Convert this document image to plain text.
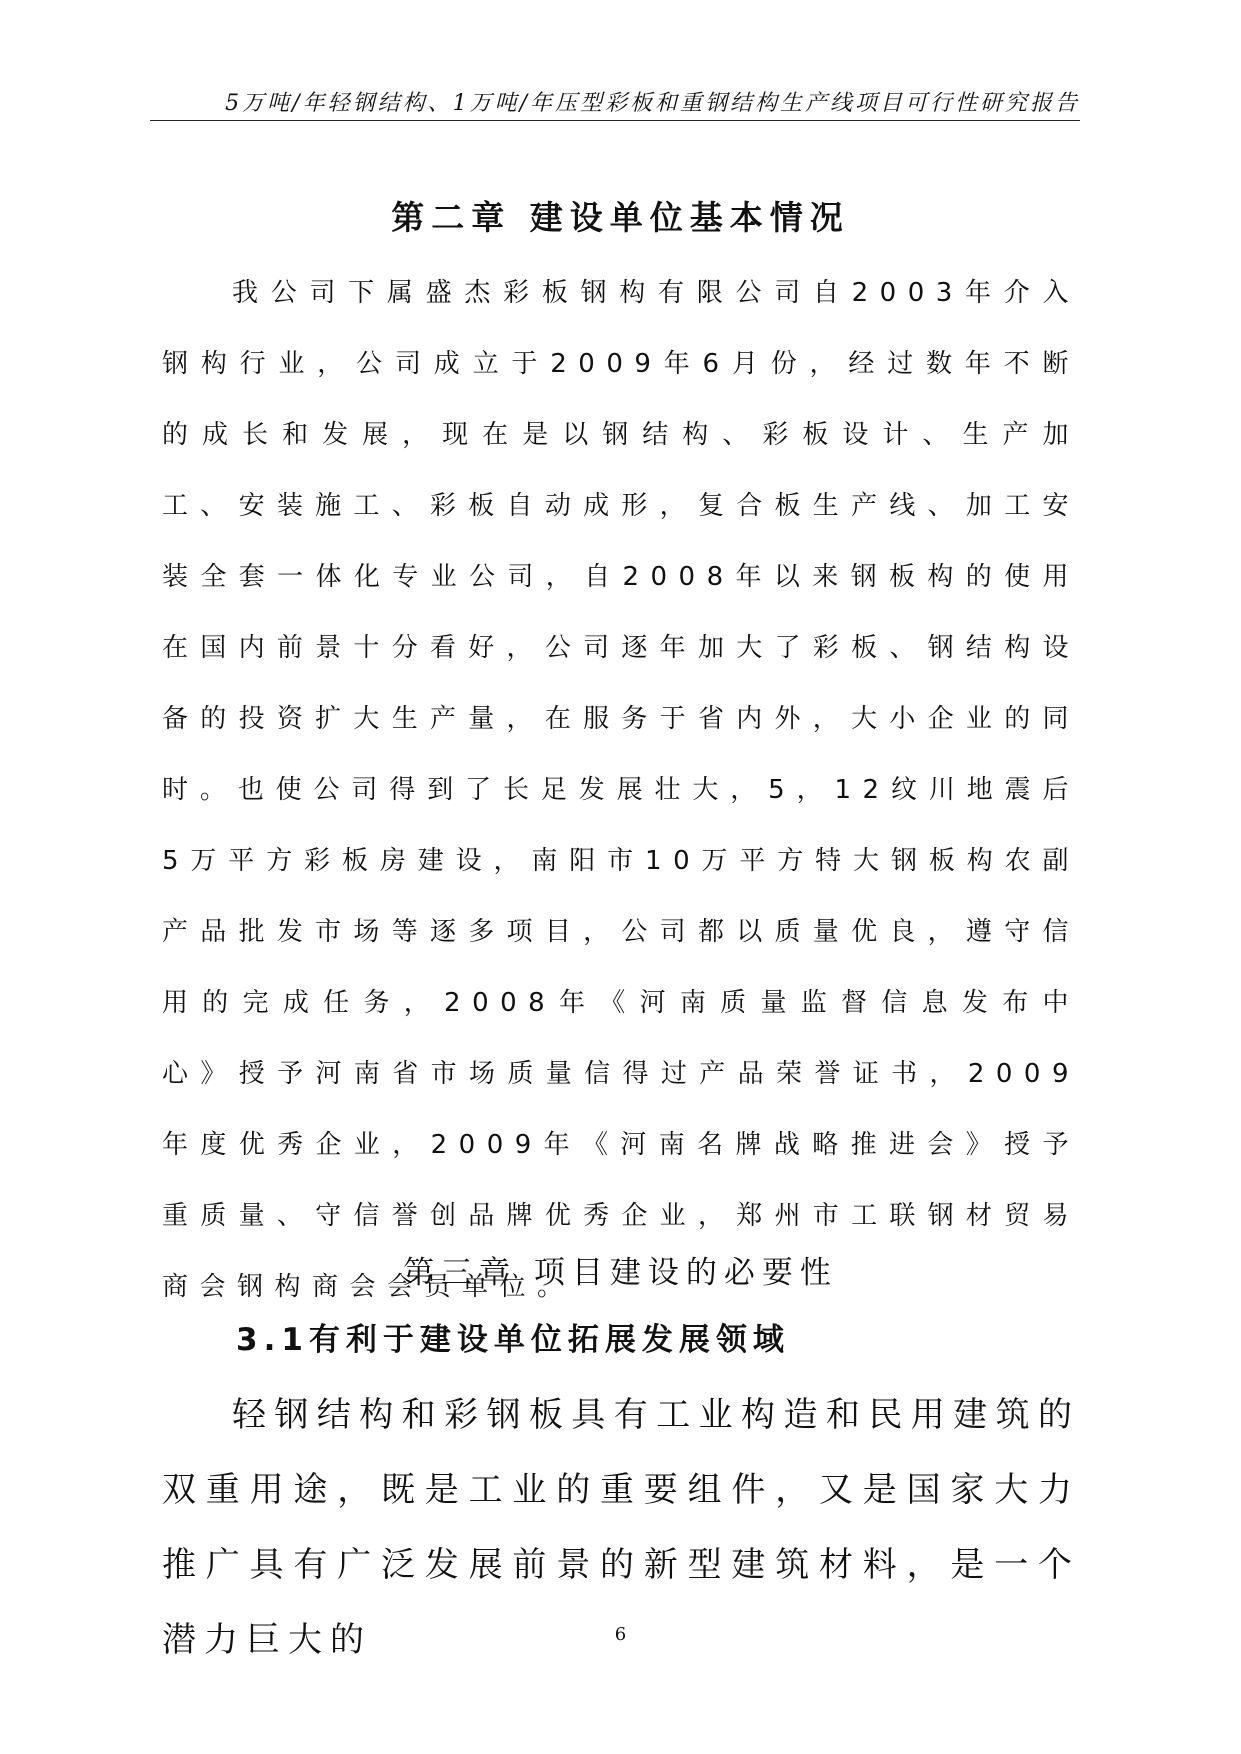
5万吨/年轻钢结构、1万吨/年压型彩板和重钢结构生产线项目可行性研究报告
第二章 建设单位基本情况
我公司下属盛杰彩板钢构有限公司自2003年介入钢构行业，公司成立于2009年6月份，经过数年不断的成长和发展，现在是以钢结构、彩板设计、生产加工、安装施工、彩板自动成形，复合板生产线、加工安装全套一体化专业公司，自2008年以来钢板构的使用在国内前景十分看好，公司逐年加大了彩板、钢结构设备的投资扩大生产量，在服务于省内外，大小企业的同时。也使公司得到了长足发展壮大，5，12纹川地震后5万平方彩板房建设，南阳市10万平方特大钢板构农副产品批发市场等逐多项目，公司都以质量优良，遵守信用的完成任务，2008年《河南质量监督信息发布中心》授予河南省市场质量信得过产品荣誉证书，2009年度优秀企业，2009年《河南名牌战略推进会》授予重质量、守信誉创品牌优秀企业，郑州市工联钢材贸易商会钢构商会会员单位。
第三章 项目建设的必要性
3.1有利于建设单位拓展发展领域
轻钢结构和彩钢板具有工业构造和民用建筑的双重用途，既是工业的重要组件，又是国家大力推广具有广泛发展前景的新型建筑材料，是一个潜力巨大的	6
